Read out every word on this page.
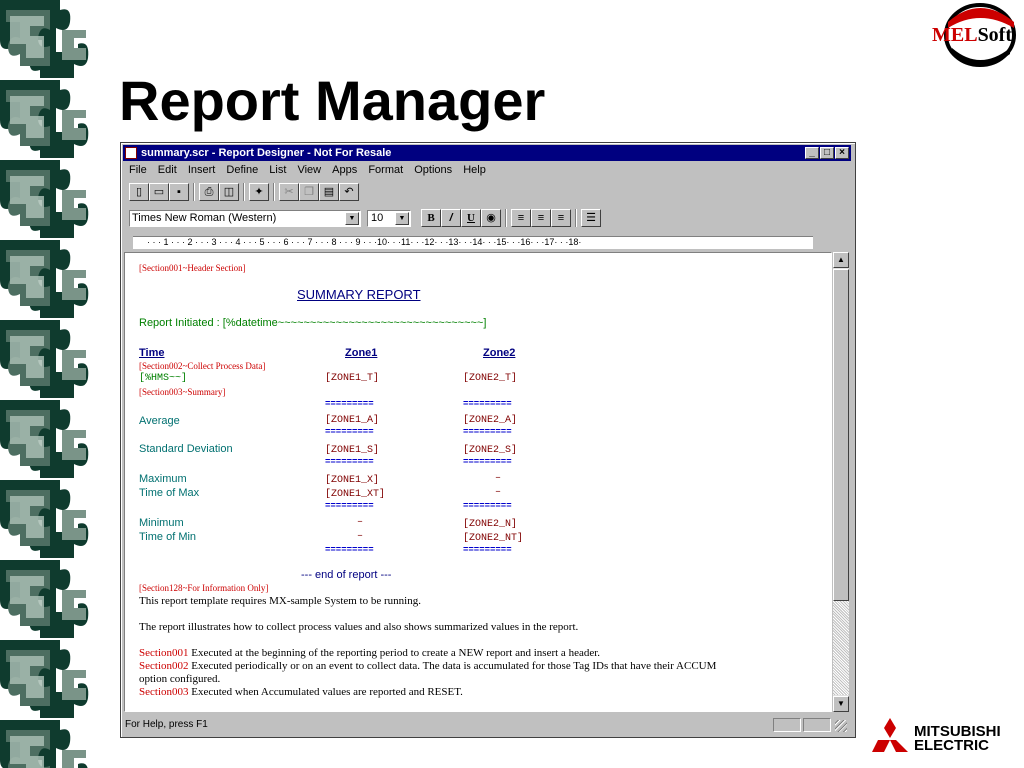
Report Manager
MELSoft
MITSUBISHI
ELECTRIC
summary.scr - Report Designer - Not For Resale	_ □ ×
File Edit Insert Define List View Apps Format Options Help
▯	▭	▪	⎙ ◫	✦	✂ ❐ ▤ ↶
Times New Roman (Western)	▼	10	▼	B	/	U	◉	≡	≡	≡	☰
· · · 1 · · · 2 · · · 3 · · · 4 · · · 5 · · · 6 · · · 7 · · · 8 · · · 9 · · ·10· · ·11· · ·12· · ·13· · ·14· · ·15· · ·16· · ·17· · ·18·
[Section001~Header Section]
SUMMARY REPORT
Report Initiated : [%datetime~~~~~~~~~~~~~~~~~~~~~~~~~~~~~~~~]
Time	Zone1	Zone2
[Section002~Collect Process Data]
[%HMS~~]	[ZONE1_T]	[ZONE2_T]
[Section003~Summary]
=========	=========
Average	[ZONE1_A]	[ZONE2_A]
=========	=========
Standard Deviation	[ZONE1_S]	[ZONE2_S]
=========	=========
Maximum	[ZONE1_X]	–
Time of Max	[ZONE1_XT]	–
=========	=========
Minimum	–	[ZONE2_N]
Time of Min	–	[ZONE2_NT]
=========	=========
--- end of report ---
[Section128~For Information Only]
This report template requires MX-sample System to be running.
The report illustrates how to collect process values and also shows summarized values in the report.
Section001 Executed at the beginning of the reporting period to create a NEW report and insert a header.
Section002 Executed periodically or on an event to collect data. The data is accumulated for those Tag IDs that have their ACCUM
option configured.
Section003 Executed when Accumulated values are reported and RESET.
▲
▼
For Help, press F1
